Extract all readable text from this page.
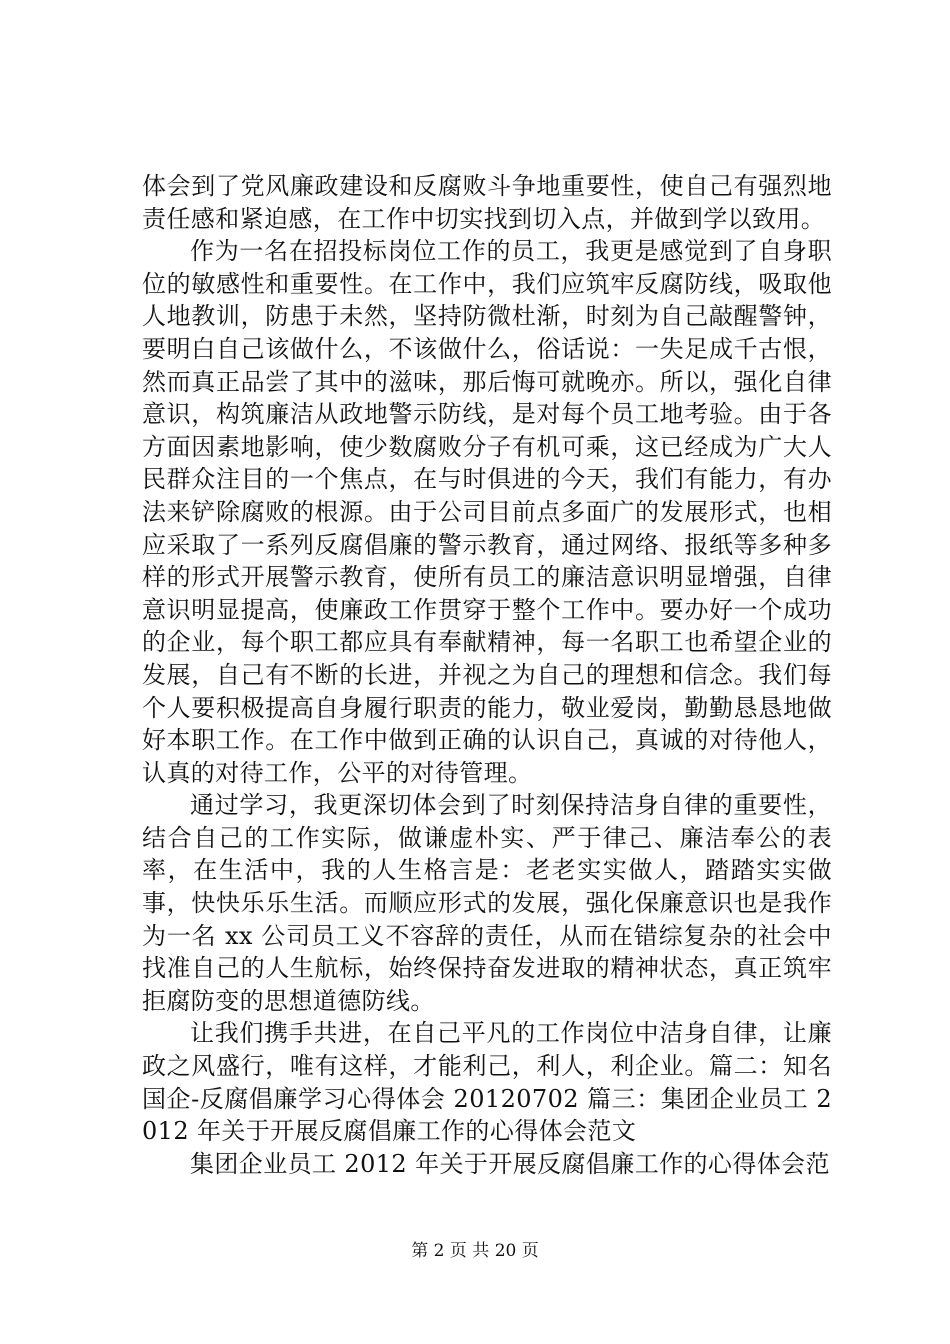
体会到了党风廉政建设和反腐败斗争地重要性，使自己有强烈地责任感和紧迫感，在工作中切实找到切入点，并做到学以致用。

作为一名在招投标岗位工作的员工，我更是感觉到了自身职位的敏感性和重要性。在工作中，我们应筑牢反腐防线，吸取他人地教训，防患于未然，坚持防微杜渐，时刻为自己敲醒警钟，要明白自己该做什么，不该做什么，俗话说：一失足成千古恨，然而真正品尝了其中的滋味，那后悔可就晚亦。所以，强化自律意识，构筑廉洁从政地警示防线，是对每个员工地考验。由于各方面因素地影响，使少数腐败分子有机可乘，这已经成为广大人民群众注目的一个焦点，在与时俱进的今天，我们有能力，有办法来铲除腐败的根源。由于公司目前点多面广的发展形式，也相应采取了一系列反腐倡廉的警示教育，通过网络、报纸等多种多样的形式开展警示教育，使所有员工的廉洁意识明显增强，自律意识明显提高，使廉政工作贯穿于整个工作中。要办好一个成功的企业，每个职工都应具有奉献精神，每一名职工也希望企业的发展，自己有不断的长进，并视之为自己的理想和信念。我们每个人要积极提高自身履行职责的能力，敬业爱岗，勤勤恳恳地做好本职工作。在工作中做到正确的认识自己，真诚的对待他人，认真的对待工作，公平的对待管理。

通过学习，我更深切体会到了时刻保持洁身自律的重要性，结合自己的工作实际，做谦虚朴实、严于律己、廉洁奉公的表率，在生活中，我的人生格言是：老老实实做人，踏踏实实做事，快快乐乐生活。而顺应形式的发展，强化保廉意识也是我作为一名 xx 公司员工义不容辞的责任，从而在错综复杂的社会中找准自己的人生航标，始终保持奋发进取的精神状态，真正筑牢拒腐防变的思想道德防线。

让我们携手共进，在自己平凡的工作岗位中洁身自律，让廉政之风盛行，唯有这样，才能利己，利人，利企业。篇二：知名国企-反腐倡廉学习心得体会 20120702 篇三：集团企业员工 2012 年关于开展反腐倡廉工作的心得体会范文

集团企业员工 2012 年关于开展反腐倡廉工作的心得体会范

第 2 页 共 20 页
